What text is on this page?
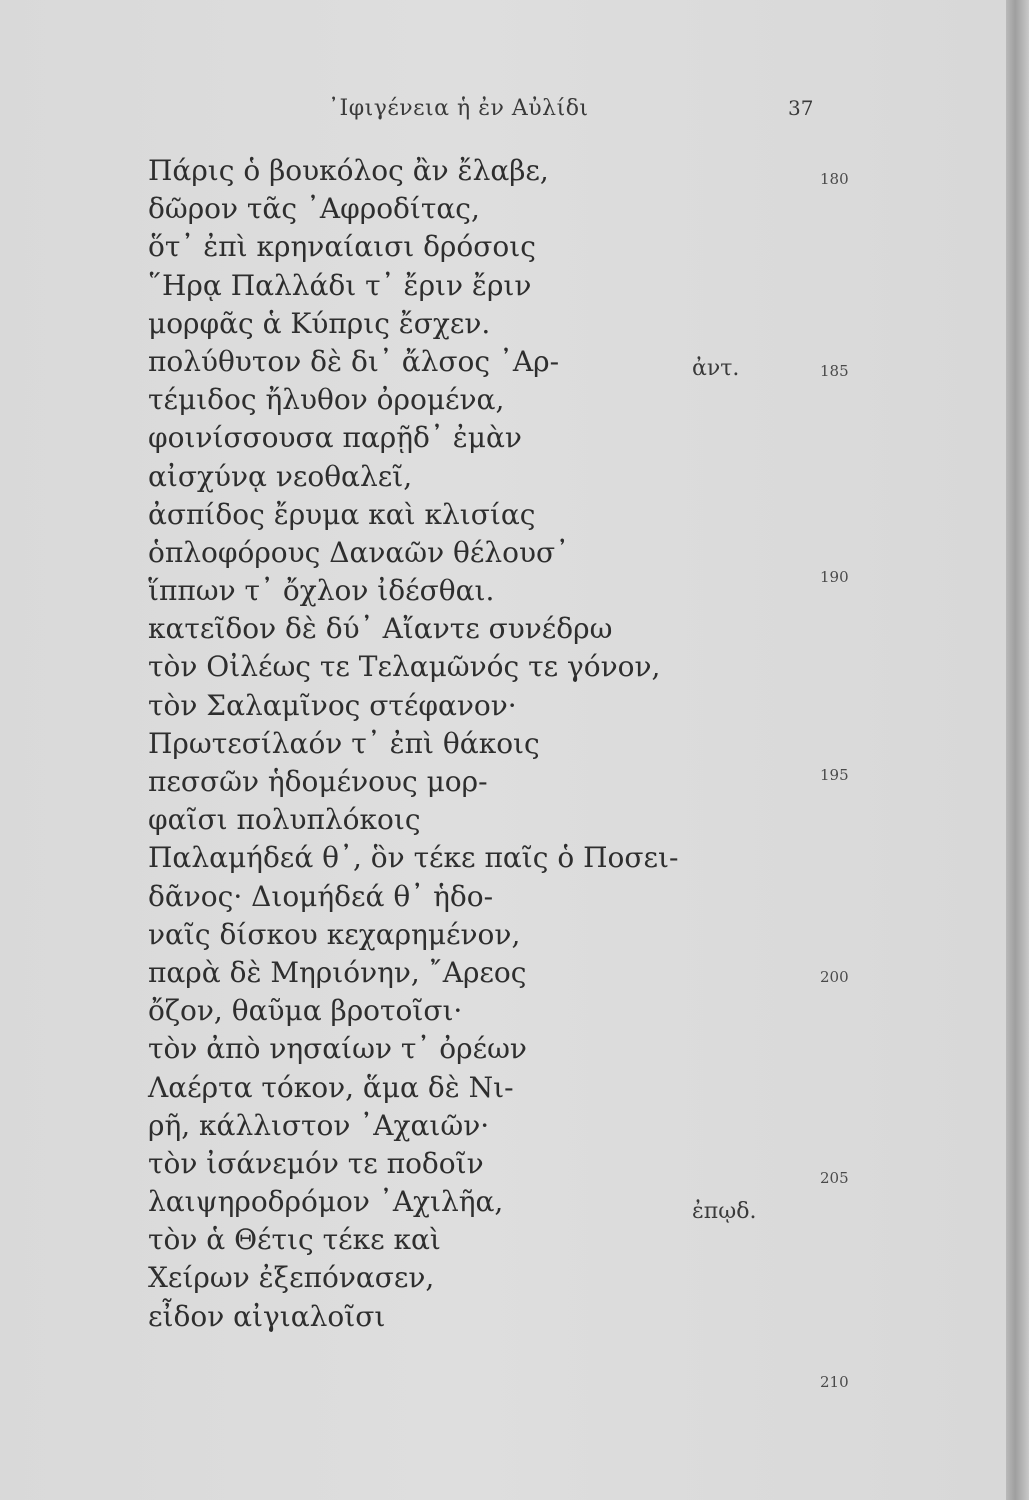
᾿Ιφιγένεια ἡ ἐν Αὐλίδι	37
Πάρις ὁ βουκόλος ἂν ἔλαβε,
δῶρον τᾶς ᾿Αφροδίτας,
ὅτ᾿ ἐπὶ κρηναίαισι δρόσοις
῞Ηρᾳ Παλλάδι τ᾿ ἔριν ἔριν
μορφᾶς ἁ Κύπρις ἔσχεν.
πολύθυτον δὲ δι᾿ ἄλσος ᾿Αρ-
τέμιδος ἤλυθον ὀρομένα,
φοινίσσουσα παρῇδ᾿ ἐμὰν
αἰσχύνᾳ νεοθαλεῖ,
ἀσπίδος ἔρυμα καὶ κλισίας
ὁπλοφόρους Δαναῶν θέλουσ᾿
ἵππων τ᾿ ὄχλον ἰδέσθαι.
κατεῖδον δὲ δύ᾿ Αἴαντε συνέδρω
τὸν Οἰλέως τε Τελαμῶνός τε γόνον,
τὸν Σαλαμῖνος στέφανον·
Πρωτεσίλαόν τ᾿ ἐπὶ θάκοις
πεσσῶν ἡδομένους μορ-
φαῖσι πολυπλόκοις
Παλαμήδεά θ᾿, ὃν τέκε παῖς ὁ Ποσει-
δᾶνος· Διομήδεά θ᾿ ἡδο-
ναῖς δίσκου κεχαρημένον,
παρὰ δὲ Μηριόνην, ῎Αρεος
ὄζον, θαῦμα βροτοῖσι·
τὸν ἀπὸ νησαίων τ᾿ ὀρέων
Λαέρτα τόκον, ἅμα δὲ Νι-
ρῆ, κάλλιστον ᾿Αχαιῶν·
τὸν ἰσάνεμόν τε ποδοῖν
λαιψηροδρόμον ᾿Αχιλῆα,
τὸν ἁ Θέτις τέκε καὶ
Χείρων ἐξεπόνασεν,
εἶδον αἰγιαλοῖσι
180
185
190
195
200
205
210
ἀντ.
ἐπῳδ.
